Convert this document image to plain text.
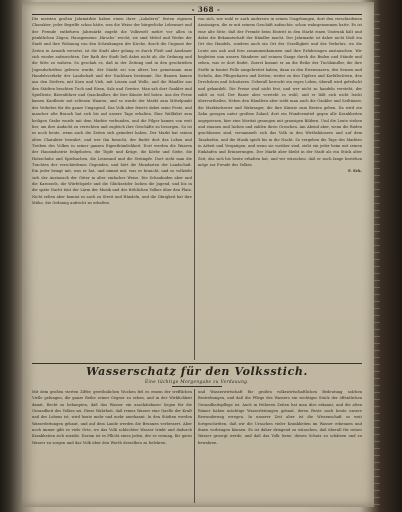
- 368 -
Die meisten großen Jahrmärkte haben einen ihrer „Lokalerei“ festen eigenen Charakter, jeder Begriffe schon hätte, was die Weise der bürgerliche Lebensart und der Fremde entbehren Jahrmärkt zugeht die Volkswelt mehrt vor allen in pünktlichen Zügen, Hausgemeine ‚Hirsche‘ rescht; sie sind Mittel und Werke der Stadt und ihre Wohnung von den Schenkungen der Kirche, durch die Ungunst der Zeiten in Armuth versetzt, ist die Stadt aber gelang es durch Fleiß und Ausdauer sich wieder aufzurichten. Der Rath der Stadt ließ dabei nicht ab, die Ordnung und die Sitte zu wahren. So geschah es, daß in der Zeitung und in den geschrieben Jugendschriften gelesen wurde, der Markt sei von alters her gemeinsam zum Handelsverkehr der Landschaft und der Nachbarn bestimmt. Die Bauern kamen aus den Dörfern, mit Korn und Vieh, mit Leinen und Wolle, und die Händler aus den Städten brachten Tuch und Eisen, Salz und Gewürz. Man sah dort Gaukler und Spielleute, Bärenführer und Quacksalber, die ihre Künste feil boten. Aus der Ferne kamen Kaufleute mit seltenen Waaren, und so wurde der Markt zum Mittelpunkt des Verkehrs für die ganze Umgegend. Das Volk aber feierte dabei seine Feste, und mancher alte Brauch hat sich bis auf unsere Tage erhalten. Eine Wallfahrt zum heiligen Grabe wurde mit dem Markte verbunden, und die Pilger kamen von weit her, um ihre Andacht zu verrichten und zugleich ihre Geschäfte zu besorgen. So ist es noch heute, wenn auch die Zeiten sich geändert haben. Der Markt hat seinen alten Charakter bewahrt, und wer ihn besucht, der findet dort das Leben und Treiben des Volkes in seiner ganzen Eigenthümlichkeit. Dort werden die Waaren der Hausindustrie feilgeboten, die Töpfe und Krüge, die Körbe und Siebe, die Holzschuhe und Spielsachen, die Leinwand und die Strümpfe. Dort sieht man die Trachten der verschiedenen Gegenden, und hört die Mundarten der Landschaft. Ein jeder bringt mit, was er hat, und nimmt mit, was er braucht, und so vollzieht sich der Austausch der Güter in alter einfacher Weise. Die Schaubuden aber und die Karussels, die Würfelspiele und die Glücksräder locken die Jugend, und bis in die späte Nacht tönt der Lärm der Musik und des fröhlichen Volkes über den Platz. Nicht selten aber kommt es auch zu Streit und Händeln, und die Obrigkeit hat ihre Mühe, die Ordnung aufrecht zu erhalten.
von sich, wie wohl er auch anderswo in seinen Umgebungen, dort den verschiedenen Ansässigen, die er mit seinem Geschäft aufsuchte, schon wahrgenommen hatte. Es ist eine alte Sitte, daß der Fremde beim Eintritt in den Markt einen Umtrunk hält und dabei die Bekanntschaft der Händler macht. Der Jahrmarkt ist daher nicht bloß ein Ort des Handels, sondern auch ein Ort der Geselligkeit und des Verkehrs, wo die Leute aus nah und fern zusammenkommen und ihre Erfahrungen austauschen. Wir begleiten nun unsern Wanderer auf seinem Gange durch die Buden und Stände und sehen, was er dort findet. Zuerst kommt er an die Reihe der Tuchhändler, die ihre Stoffe in bunter Fülle ausgebreitet haben; dann zu den Eisenwaaren, den Sensen und Sicheln, den Pflugscharen und Ketten; weiter zu den Töpfern und Korbflechtern, den Drechslern und Schnitzern. Ueberall herrscht ein reges Leben, überall wird gefeilscht und gehandelt. Die Preise sind nicht fest, und wer nicht zu handeln versteht, der zahlt zu viel. Der Bauer aber versteht es wohl, und er läßt sich nicht leicht übervortheilen. Neben den Händlern aber sieht man auch die Gaukler und Seiltänzer, die Marktschreier und Wahrsager, die ihre Künste zum Besten geben. Da wird ein Zahn gezogen unter großem Zulauf, dort ein Wundermittel gegen alle Krankheiten angepriesen, hier eine Moritat gesungen mit grausigen Bildern. Und die Leute stehen und staunen und lachen und zahlen ihren Groschen. Am Abend aber, wenn die Buden geschlossen sind, versammelt sich das Volk in den Wirthshäusern und auf dem Tanzboden, und die Musik spielt bis in die Nacht. So vergehen die Tage des Marktes in Arbeit und Vergnügen, und wenn sie vorüber sind, zieht ein jeder heim mit seinen Einkäufen und Erinnerungen. Der Markt aber bleibt in der Stadt als ein Stück alter Zeit, das sich bis heute erhalten hat, und wir wünschen, daß er noch lange bestehen möge zur Freude des Volkes.
F. Eck.
Wasserschatz für den Volksstich.
Eine tüchtige Morgengabe zu Verdauung.
Mit dem großen vierten Ziffer, gewöhnlichen Wochen fiel es einem der trefflichen Vielle gelungen, die ganze Reihe seiner Gegner zu sehen, und in der Wirklichkeit damit, Recht zu behaupten, daß das Wasser ein unschätzbarer Segen für die Gesundheit des Volkes sei. Diese Wahrheit, daß reines Wasser eine Quelle der Kraft und des Lebens ist, wird heute mehr und mehr anerkannt. In den Städten werden Wasserleitungen gebaut, und auf dem Lande werden die Brunnen verbessert. Aber noch immer gibt es viele Orte, wo das Volk schlechtes Wasser trinkt und dadurch Krankheiten sich zuzieht. Darum ist es Pflicht eines jeden, der es vermag, für gutes Wasser zu sorgen und das Volk über den Werth desselben zu belehren.
und Wasserwirtschaft für großen volkswirtschaftlichen Bedeutung solchen Bestrebungen, und daß die Pflege des Wassers ein wichtiges Stück der öffentlichen Gesundheitspflege ist. Auch in früheren Zeiten hat man dies erkannt, und die alten Römer haben mächtige Wasserleitungen gebaut, deren Reste noch heute unsere Bewunderung erregen. In unserer Zeit aber ist die Wissenschaft so weit fortgeschritten, daß wir die Ursachen vieler Krankheiten im Wasser erkennen und ihnen vorbeugen können. Es ist daher dringend zu wünschen, daß überall für reines Wasser gesorgt werde, und daß das Volk lerne, diesen Schatz zu schätzen und zu bewahren.
